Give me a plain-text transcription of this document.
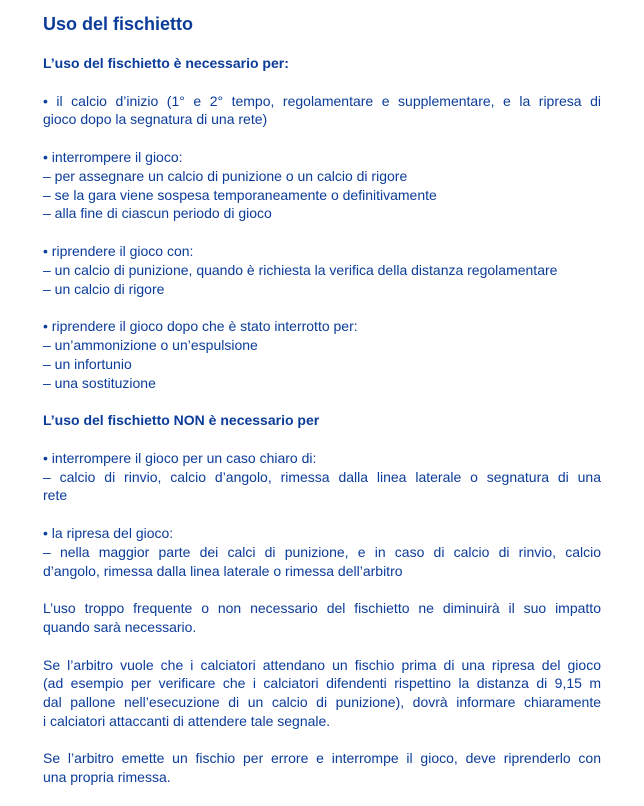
Uso del fischietto
L’uso del fischietto è necessario per:
• il calcio d’inizio (1° e 2° tempo, regolamentare e supplementare, e la ripresa di
gioco dopo la segnatura di una rete)
• interrompere il gioco:
– per assegnare un calcio di punizione o un calcio di rigore
– se la gara viene sospesa temporaneamente o definitivamente
– alla fine di ciascun periodo di gioco
• riprendere il gioco con:
– un calcio di punizione, quando è richiesta la verifica della distanza regolamentare
– un calcio di rigore
• riprendere il gioco dopo che è stato interrotto per:
– un’ammonizione o un’espulsione
– un infortunio
– una sostituzione
L’uso del fischietto NON è necessario per
• interrompere il gioco per un caso chiaro di:
– calcio di rinvio, calcio d’angolo, rimessa dalla linea laterale o segnatura di una
rete
• la ripresa del gioco:
– nella maggior parte dei calci di punizione, e in caso di calcio di rinvio, calcio
d’angolo, rimessa dalla linea laterale o rimessa dell’arbitro
L’uso troppo frequente o non necessario del fischietto ne diminuirà il suo impatto
quando sarà necessario.
Se l’arbitro vuole che i calciatori attendano un fischio prima di una ripresa del gioco
(ad esempio per verificare che i calciatori difendenti rispettino la distanza di 9,15 m
dal pallone nell’esecuzione di un calcio di punizione), dovrà informare chiaramente
i calciatori attaccanti di attendere tale segnale.
Se l’arbitro emette un fischio per errore e interrompe il gioco, deve riprenderlo con
una propria rimessa.
